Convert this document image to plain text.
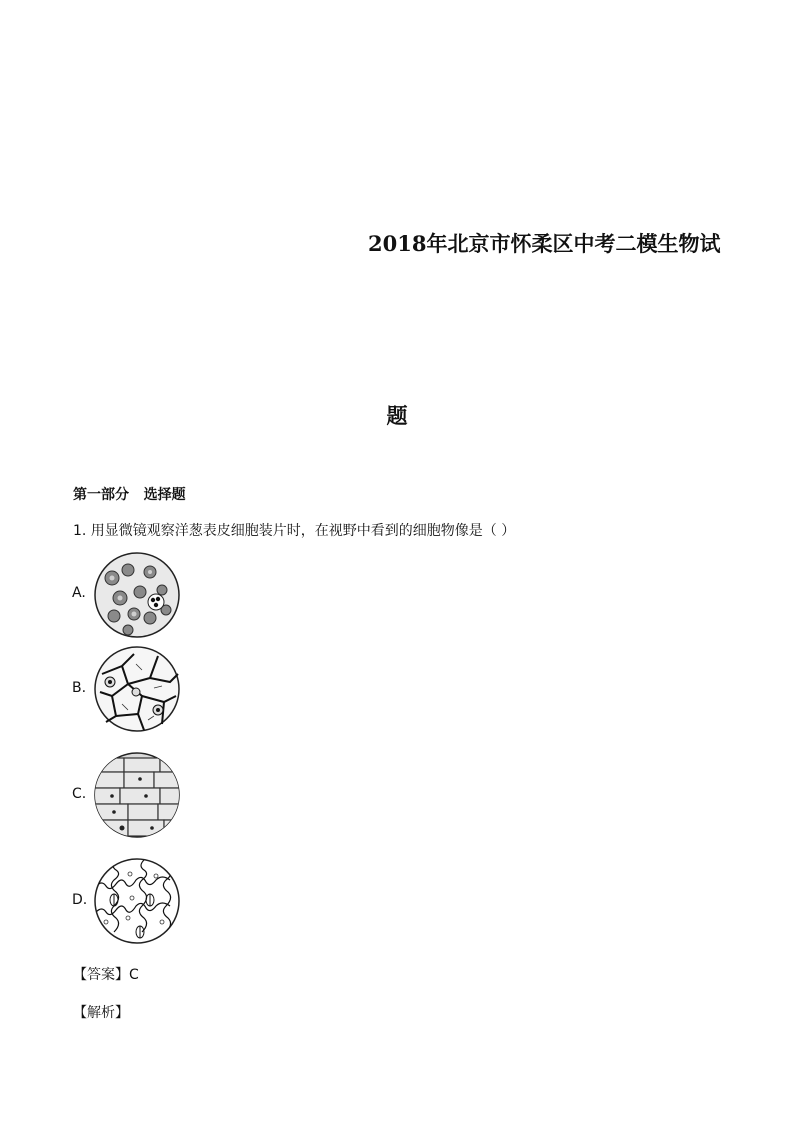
2018年北京市怀柔区中考二模生物试
题
第一部分   选择题
1. 用显微镜观察洋葱表皮细胞装片时，在视野中看到的细胞物像是（ ）
A.
B.
C.
D.
【答案】C
【解析】
